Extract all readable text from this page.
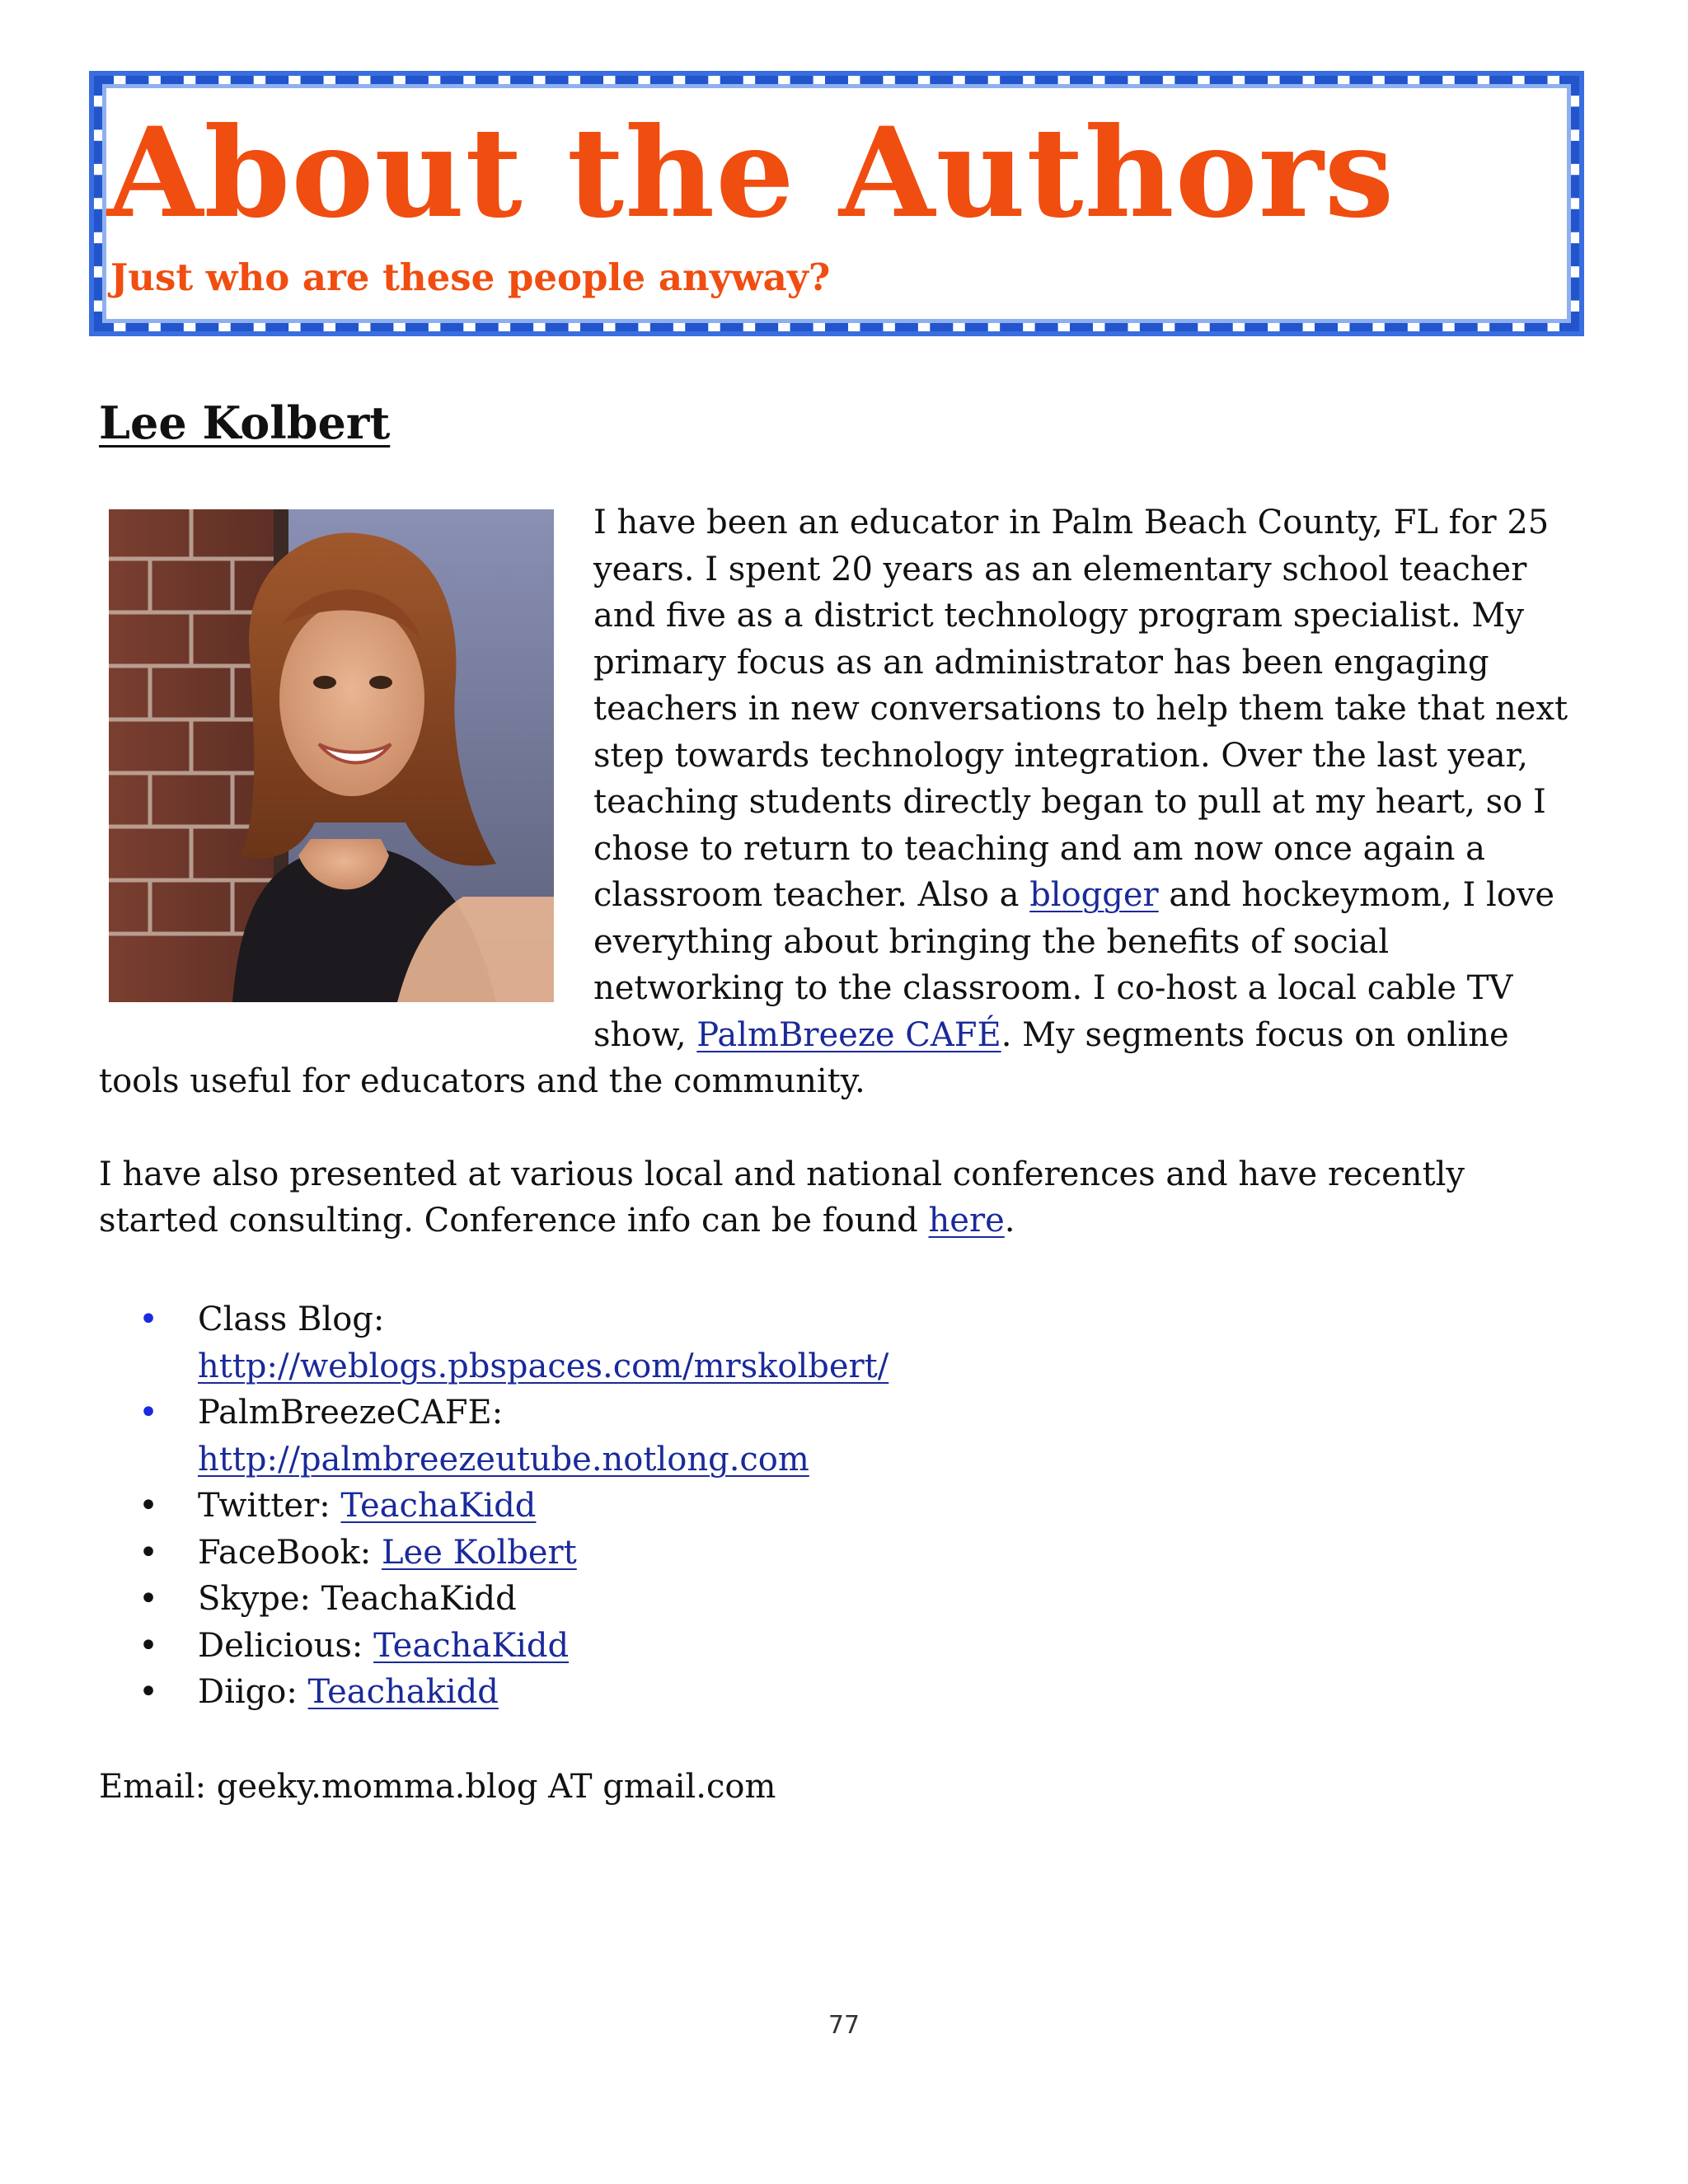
About the Authors

Just who are these people anyway?

Lee Kolbert

I have been an educator in Palm Beach County, FL for 25 years. I spent 20 years as an elementary school teacher and five as a district technology program specialist. My primary focus as an administrator has been engaging teachers in new conversations to help them take that next step towards technology integration. Over the last year, teaching students directly began to pull at my heart, so I chose to return to teaching and am now once again a classroom teacher. Also a blogger and hockeymom, I love everything about bringing the benefits of social networking to the classroom. I co-host a local cable TV show, PalmBreeze CAFÉ. My segments focus on online tools useful for educators and the community.

I have also presented at various local and national conferences and have recently started consulting. Conference info can be found here.

• Class Blog:
http://weblogs.pbspaces.com/mrskolbert/
• PalmBreezeCAFE:
http://palmbreezeutube.notlong.com
• Twitter: TeachaKidd
• FaceBook: Lee Kolbert
• Skype: TeachaKidd
• Delicious: TeachaKidd
• Diigo: Teachakidd

Email: geeky.momma.blog AT gmail.com

77
